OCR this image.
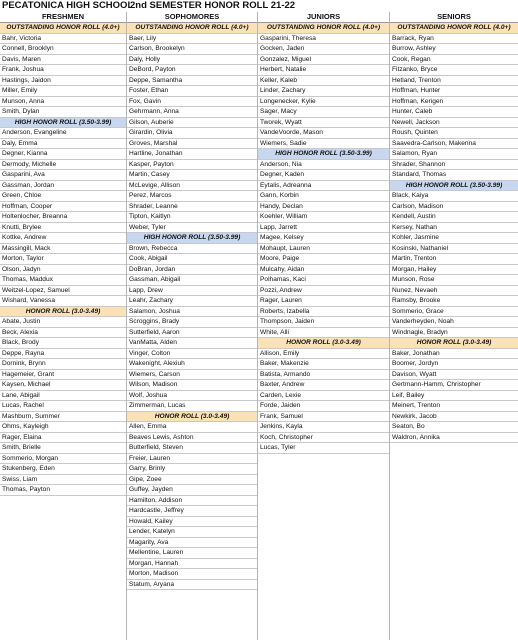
PECATONICA HIGH SCHOOL
2nd SEMESTER HONOR ROLL 21-22
FRESHMEN
OUTSTANDING HONOR ROLL (4.0+)
Bahr, Victoria
Connell, Brooklyn
Davis, Maren
Frank, Joshua
Hastings, Jaidon
Miller, Emily
Munson, Anna
Smith, Dylan
HIGH HONOR ROLL (3.50-3.99)
Anderson, Evangeline
Daly, Emma
Degner, Kianna
Dermody, Michelle
Gasparini, Ava
Gassman, Jordan
Green, Chloe
Hoffman, Cooper
Holtenlocher, Breanna
Knutti, Brylee
Kottke, Andrew
Massingill, Mack
Morton, Taylor
Olson, Jadyn
Thomas, Maddux
Weitzel-Lopez, Samuel
Wishard, Vanessa
HONOR ROLL (3.0-3.49)
Abate, Justin
Beck, Alexia
Black, Brody
Deppe, Rayna
Dornink, Brynn
Hagemeier, Grant
Kaysen, Michael
Lane, Abigail
Lucas, Rachel
Mashburn, Summer
Ohms, Kayleigh
Rager, Elaina
Smith, Brielle
Sommerio, Morgan
Stukenberg, Eden
Swiss, Liam
Thomas, Payton
SOPHOMORES
OUTSTANDING HONOR ROLL (4.0+)
Baer, Lily
Carlson, Brookelyn
Daly, Holly
DeBord, Payton
Deppe, Samantha
Foster, Ethan
Fox, Gavin
Gehrmann, Anna
Gilson, Auberie
Girardin, Olivia
Groves, Marshal
Hartline, Jonathan
Kasper, Payton
Martin, Casey
McLevige, Allison
Perez, Marcos
Shrader, Leanne
Tipton, Kaitlyn
Weber, Tyler
HIGH HONOR ROLL (3.50-3.99)
Brown, Rebecca
Cook, Abigail
DoBran, Jordan
Gassman, Abigail
Lapp, Drew
Leahr, Zachary
Salamon, Joshua
Scroggins, Brady
Sutterfield, Aaron
VanMatta, Alden
Vinger, Colton
Wakenight, Alexiuh
Wiemers, Carson
Wilson, Madison
Wolf, Joshua
Zimmerman, Lucas
HONOR ROLL (3.0-3.49)
Allen, Emma
Beaves Lewis, Ashton
Butterfield, Steven
Freier, Lauren
Garry, Brinly
Gipe, Zoee
Guffey, Jayden
Hamilton, Addison
Hardcastle, Jeffrey
Howald, Kailey
Lender, Katelyn
Magarity, Ava
Mellentine, Lauren
Morgan, Hannah
Morton, Madison
Statum, Aryana
JUNIORS
OUTSTANDING HONOR ROLL (4.0+)
Gasparini, Theresa
Gocken, Jaden
Gonzalez, Miguel
Herbert, Natalie
Keller, Kaleb
Linder, Zachary
Longenecker, Kylie
Sager, Macy
Tworek, Wyatt
VandeVoorde, Mason
Wiemers, Sadie
HIGH HONOR ROLL (3.50-3.99)
Anderson, Nia
Degner, Kaden
Eytalis, Adreanna
Gann, Korbin
Handy, Declan
Koehler, William
Lapp, Jarrett
Magee, Kelsey
Mohaupt, Lauren
Moore, Paige
Mulcahy, Aidan
Polhamas, Kaci
Pozzi, Andrew
Rager, Lauren
Roberts, Izabella
Thompson, Jaiden
White, Alli
HONOR ROLL (3.0-3.49)
Allison, Emily
Baker, Makenzie
Batista, Armando
Baxter, Andrew
Carden, Lexie
Forde, Jaiden
Frank, Samuel
Jenkins, Kayla
Koch, Christopher
Lucas, Tyler
SENIORS
OUTSTANDING HONOR ROLL (4.0+)
Barrack, Ryan
Burrow, Ashley
Cook, Regan
Fitzanko, Bryce
Hetland, Trenton
Hoffman, Hunter
Hoffman, Kerigen
Hunter, Caleb
Newell, Jackson
Roush, Quinten
Saavedra-Carlson, Makenna
Salamon, Ryan
Shrader, Shannon
Standard, Thomas
HIGH HONOR ROLL (3.50-3.99)
Black, Kaiya
Carlson, Madison
Kendell, Austin
Kersey, Nathan
Kohler, Jasmine
Kosinski, Nathaniel
Martin, Trenton
Morgan, Hailey
Munson, Rose
Nunez, Nevaeh
Ramsby, Brooke
Sommerio, Grace
Vanderheyden, Noah
Windnagle, Bradyn
HONOR ROLL (3.0-3.49)
Baker, Jonathan
Boomer, Jordyn
Davison, Wyatt
Gertmann-Hamm, Christopher
Leif, Bailey
Meinert, Trenton
Newkirk, Jacob
Seaton, Bo
Waldron, Annika
